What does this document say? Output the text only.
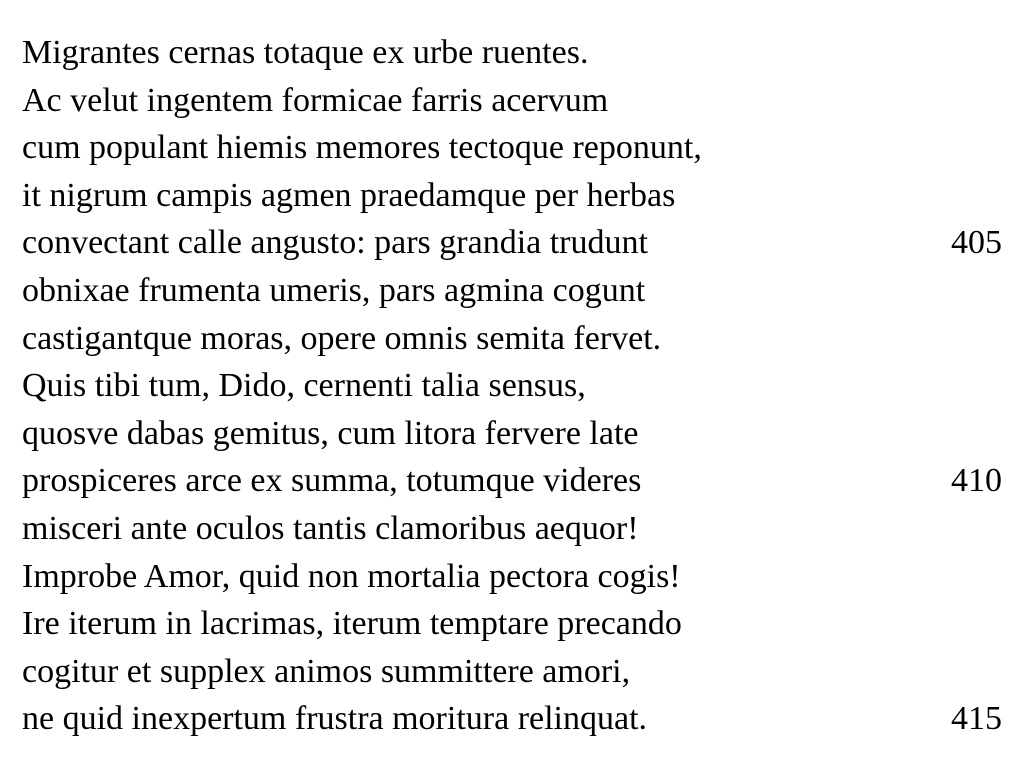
Migrantes cernas totaque ex urbe ruentes.
Ac velut ingentem formicae farris acervum
cum populant hiemis memores tectoque reponunt,
it nigrum campis agmen praedamque per herbas
convectant calle angusto: pars grandia trudunt	405
obnixae frumenta umeris, pars agmina cogunt
castigantque moras, opere omnis semita fervet.
Quis tibi tum, Dido, cernenti talia sensus,
quosve dabas gemitus, cum litora fervere late
prospiceres arce ex summa, totumque videres	410
misceri ante oculos tantis clamoribus aequor!
Improbe Amor, quid non mortalia pectora cogis!
Ire iterum in lacrimas, iterum temptare precando
cogitur et supplex animos summittere amori,
ne quid inexpertum frustra moritura relinquat.	415
